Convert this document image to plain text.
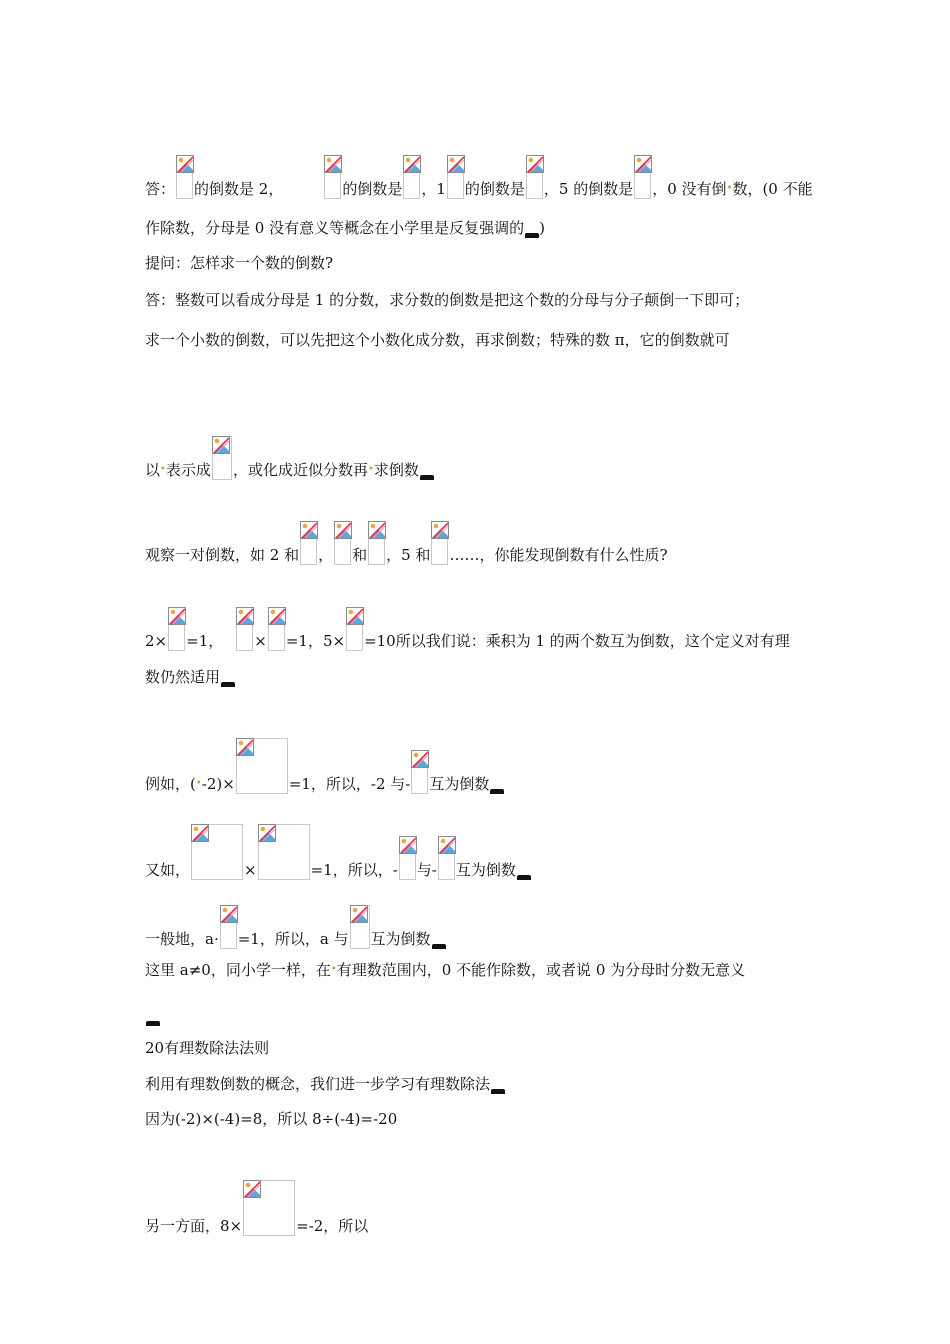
答： 的倒数是 2，	的倒数是 ，1 的倒数是 ，5 的倒数是 ，0 没有倒•数，(0 不能
作除数，分母是 0 没有意义等概念在小学里是反复强调的 )
提问：怎样求一个数的倒数?
答：整数可以看成分母是 1 的分数，求分数的倒数是把这个数的分母与分子颠倒一下即可；
求一个小数的倒数，可以先把这个小数化成分数，再求倒数；特殊的数 π，它的倒数就可
以•表示成 ，或化成近似分数再•求倒数
观察一对倒数，如 2 和 ， 和 ，5 和 ……，你能发现倒数有什么性质?
2× =1， × =1，5× =10所以我们说：乘积为 1 的两个数互为倒数，这个定义对有理
数仍然适用
例如，(•-2)×	=1，所以，-2 与- 互为倒数
又如，	×	=1，所以，- 与- 互为倒数
一般地，a· =1，所以，a 与 互为倒数
这里 a≠0，同小学一样，在•有理数范围内，0 不能作除数，或者说 0 为分母时分数无意义
20有理数除法法则
利用有理数倒数的概念，我们进一步学习有理数除法
因为(-2)×(-4)=8，所以 8÷(-4)=-20
另一方面，8×	=-2，所以
